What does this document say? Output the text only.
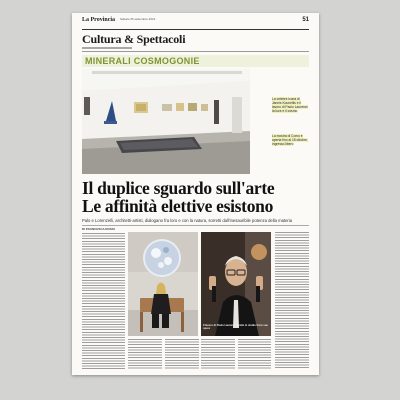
La Provincia Sabato 25 settembre 2021	51
Cultura & Spettacoli
MINERALI COSMOGONIE
La celebre icona di Jannis Kounellis e il lavoro di Paolo Laurenzi: la luce e il cosmo
La mostra di Como è aperta fino al 18 ottobre, ingresso libero
Il duplice sguardo sull'arte
Le affinità elettive esistono
Palo e Lorenzelli, architetti-artisti, dialogano fra loro e con la natura, sorretti dall'inesauribile potenza della materia
DI FRANCESCA ROSSI
Il lavoro di Paolo Laurenzi ritratto in studio fra le sue opere
